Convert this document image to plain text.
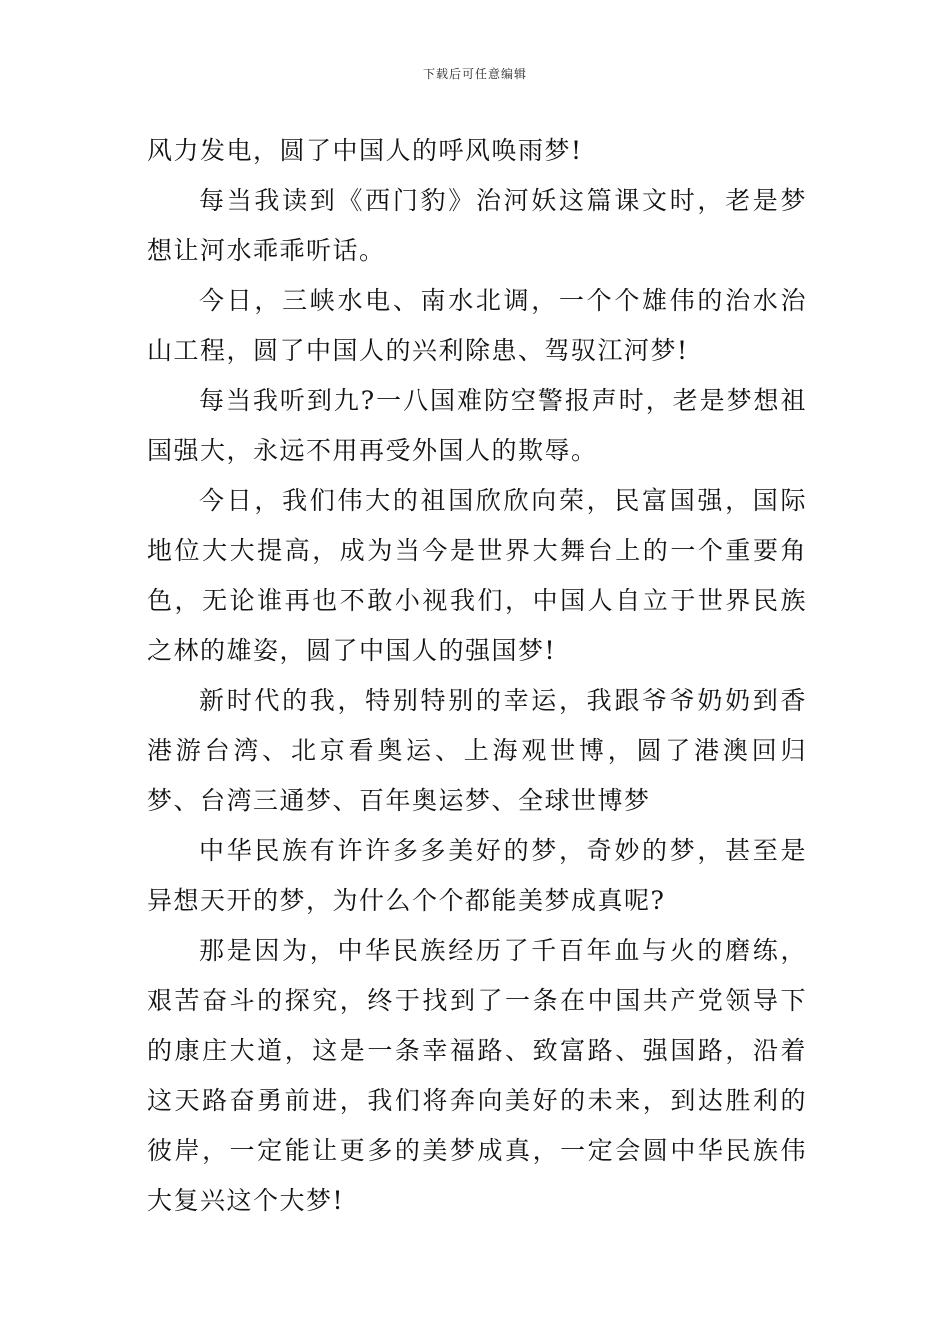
下载后可任意编辑

风力发电，圆了中国人的呼风唤雨梦!

每当我读到《西门豹》治河妖这篇课文时，老是梦想让河水乖乖听话。

今日，三峡水电、南水北调，一个个雄伟的治水治山工程，圆了中国人的兴利除患、驾驭江河梦!

每当我听到九?一八国难防空警报声时，老是梦想祖国强大，永远不用再受外国人的欺辱。

今日，我们伟大的祖国欣欣向荣，民富国强，国际地位大大提高，成为当今是世界大舞台上的一个重要角色，无论谁再也不敢小视我们，中国人自立于世界民族之林的雄姿，圆了中国人的强国梦!

新时代的我，特别特别的幸运，我跟爷爷奶奶到香港游台湾、北京看奥运、上海观世博，圆了港澳回归梦、台湾三通梦、百年奥运梦、全球世博梦

中华民族有许许多多美好的梦，奇妙的梦，甚至是异想天开的梦，为什么个个都能美梦成真呢?

那是因为，中华民族经历了千百年血与火的磨练，艰苦奋斗的探究，终于找到了一条在中国共产党领导下的康庄大道，这是一条幸福路、致富路、强国路，沿着这天路奋勇前进，我们将奔向美好的未来，到达胜利的彼岸，一定能让更多的美梦成真，一定会圆中华民族伟大复兴这个大梦!
